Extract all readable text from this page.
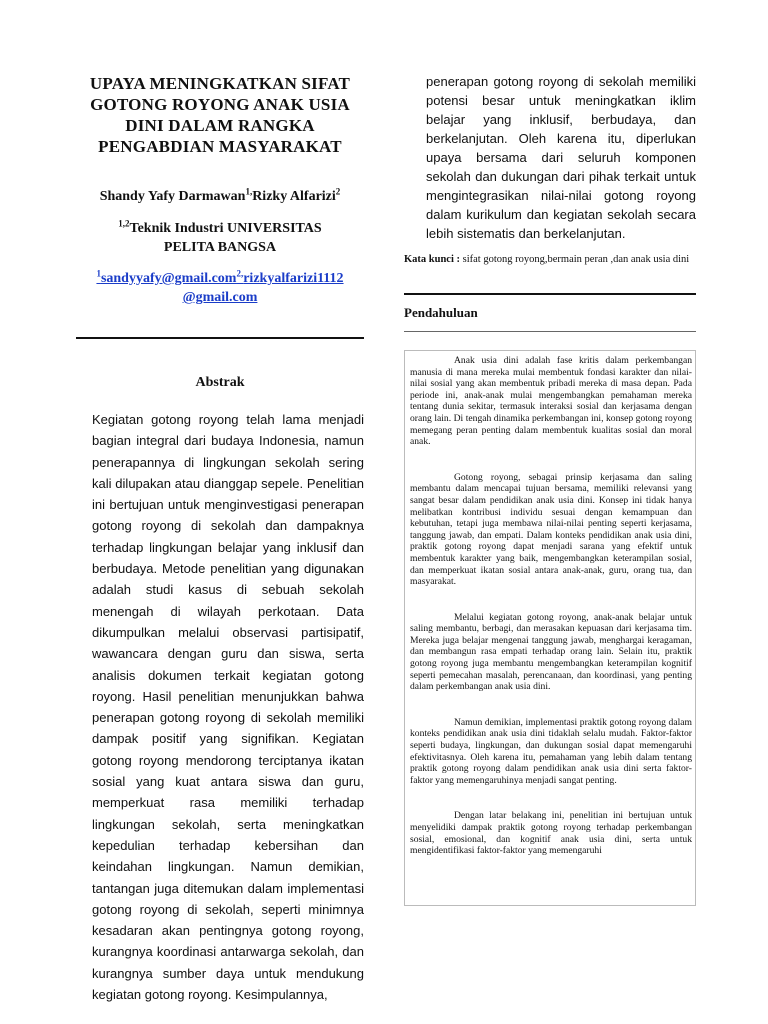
UPAYA MENINGKATKAN SIFAT GOTONG ROYONG ANAK USIA DINI DALAM RANGKA PENGABDIAN MASYARAKAT
Shandy Yafy Darmawan$^{1,}$Rizky Alfarizi$^2$
$^{1,2}$Teknik Industri UNIVERSITAS
PELITA BANGSA
$^1$sandyyafy@gmail.com$^{2,}$rizkyalfarizi1112
@gmail.com
Abstrak
Kegiatan gotong royong telah lama menjadi bagian integral dari budaya Indonesia, namun penerapannya di lingkungan sekolah sering kali dilupakan atau dianggap sepele. Penelitian ini bertujuan untuk menginvestigasi penerapan gotong royong di sekolah dan dampaknya terhadap lingkungan belajar yang inklusif dan berbudaya. Metode penelitian yang digunakan adalah studi kasus di sebuah sekolah menengah di wilayah perkotaan. Data dikumpulkan melalui observasi partisipatif, wawancara dengan guru dan siswa, serta analisis dokumen terkait kegiatan gotong royong. Hasil penelitian menunjukkan bahwa penerapan gotong royong di sekolah memiliki dampak positif yang signifikan. Kegiatan gotong royong mendorong terciptanya ikatan sosial yang kuat antara siswa dan guru, memperkuat rasa memiliki terhadap lingkungan sekolah, serta meningkatkan kepedulian terhadap kebersihan dan keindahan lingkungan. Namun demikian, tantangan juga ditemukan dalam implementasi gotong royong di sekolah, seperti minimnya kesadaran akan pentingnya gotong royong, kurangnya koordinasi antarwarga sekolah, dan kurangnya sumber daya untuk mendukung kegiatan gotong royong. Kesimpulannya,
penerapan gotong royong di sekolah memiliki potensi besar untuk meningkatkan iklim belajar yang inklusif, berbudaya, dan berkelanjutan. Oleh karena itu, diperlukan upaya bersama dari seluruh komponen sekolah dan dukungan dari pihak terkait untuk mengintegrasikan nilai-nilai gotong royong dalam kurikulum dan kegiatan sekolah secara lebih sistematis dan berkelanjutan.
Kata kunci : sifat gotong royong,bermain peran ,dan anak usia dini
Pendahuluan

Anak usia dini adalah fase kritis dalam perkembangan manusia di mana mereka mulai membentuk fondasi karakter dan nilai-nilai sosial yang akan membentuk pribadi mereka di masa depan. Pada periode ini, anak-anak mulai mengembangkan pemahaman mereka tentang dunia sekitar, termasuk interaksi sosial dan kerjasama dengan orang lain. Di tengah dinamika perkembangan ini, konsep gotong royong memegang peran penting dalam membentuk kualitas sosial dan moral anak.

Gotong royong, sebagai prinsip kerjasama dan saling membantu dalam mencapai tujuan bersama, memiliki relevansi yang sangat besar dalam pendidikan anak usia dini. Konsep ini tidak hanya melibatkan kontribusi individu sesuai dengan kemampuan dan kebutuhan, tetapi juga membawa nilai-nilai penting seperti kerjasama, tanggung jawab, dan empati. Dalam konteks pendidikan anak usia dini, praktik gotong royong dapat menjadi sarana yang efektif untuk membentuk karakter yang baik, mengembangkan keterampilan sosial, dan memperkuat ikatan sosial antara anak-anak, guru, orang tua, dan masyarakat.

Melalui kegiatan gotong royong, anak-anak belajar untuk saling membantu, berbagi, dan merasakan kepuasan dari kerjasama tim. Mereka juga belajar mengenai tanggung jawab, menghargai keragaman, dan membangun rasa empati terhadap orang lain. Selain itu, praktik gotong royong juga membantu mengembangkan keterampilan kognitif seperti pemecahan masalah, perencanaan, dan koordinasi, yang penting dalam perkembangan anak usia dini.

Namun demikian, implementasi praktik gotong royong dalam konteks pendidikan anak usia dini tidaklah selalu mudah. Faktor-faktor seperti budaya, lingkungan, dan dukungan sosial dapat memengaruhi efektivitasnya. Oleh karena itu, pemahaman yang lebih dalam tentang praktik gotong royong dalam pendidikan anak usia dini serta faktor-faktor yang memengaruhinya menjadi sangat penting.

Dengan latar belakang ini, penelitian ini bertujuan untuk menyelidiki dampak praktik gotong royong terhadap perkembangan sosial, emosional, dan kognitif anak usia dini, serta untuk mengidentifikasi faktor-faktor yang memengaruhi
